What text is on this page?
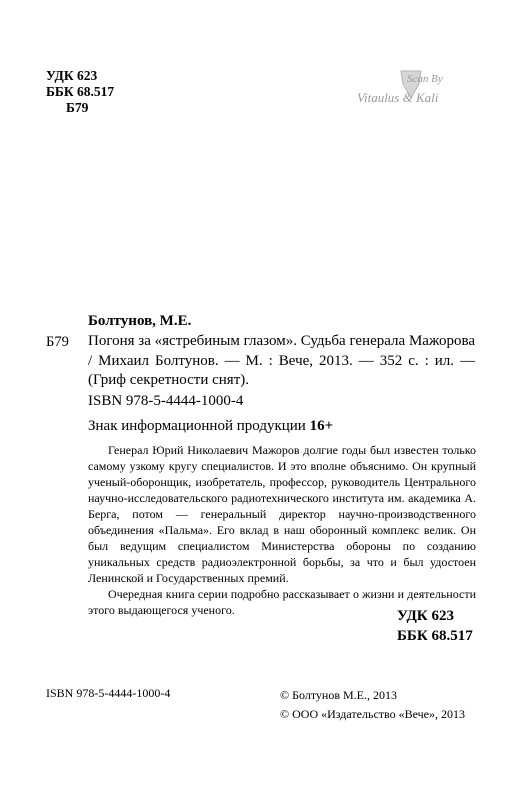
УДК 623
ББК 68.517
Б79
Scan By
Vitaulus & Kali
Болтунов, М.Е.
Б79 Погоня за «ястребиным глазом». Судьба генерала Мажорова / Михаил Болтунов. — М. : Вече, 2013. — 352 с. : ил. — (Гриф секретности снят).
ISBN 978-5-4444-1000-4
Знак информационной продукции 16+

Генерал Юрий Николаевич Мажоров долгие годы был известен только самому узкому кругу специалистов. И это вполне объяснимо. Он крупный ученый-оборонщик, изобретатель, профессор, руководитель Центрального научно-исследовательского радиотехнического института им. академика А. Берга, потом — генеральный директор научно-производственного объединения «Пальма». Его вклад в наш оборонный комплекс велик. Он был ведущим специалистом Министерства обороны по созданию уникальных средств радиоэлектронной борьбы, за что и был удостоен Ленинской и Государственных премий.

Очередная книга серии подробно рассказывает о жизни и деятельности этого выдающегося ученого.	УДК 623
ББК 68.517
ISBN 978-5-4444-1000-4	© Болтунов М.Е., 2013
© ООО «Издательство «Вече», 2013
